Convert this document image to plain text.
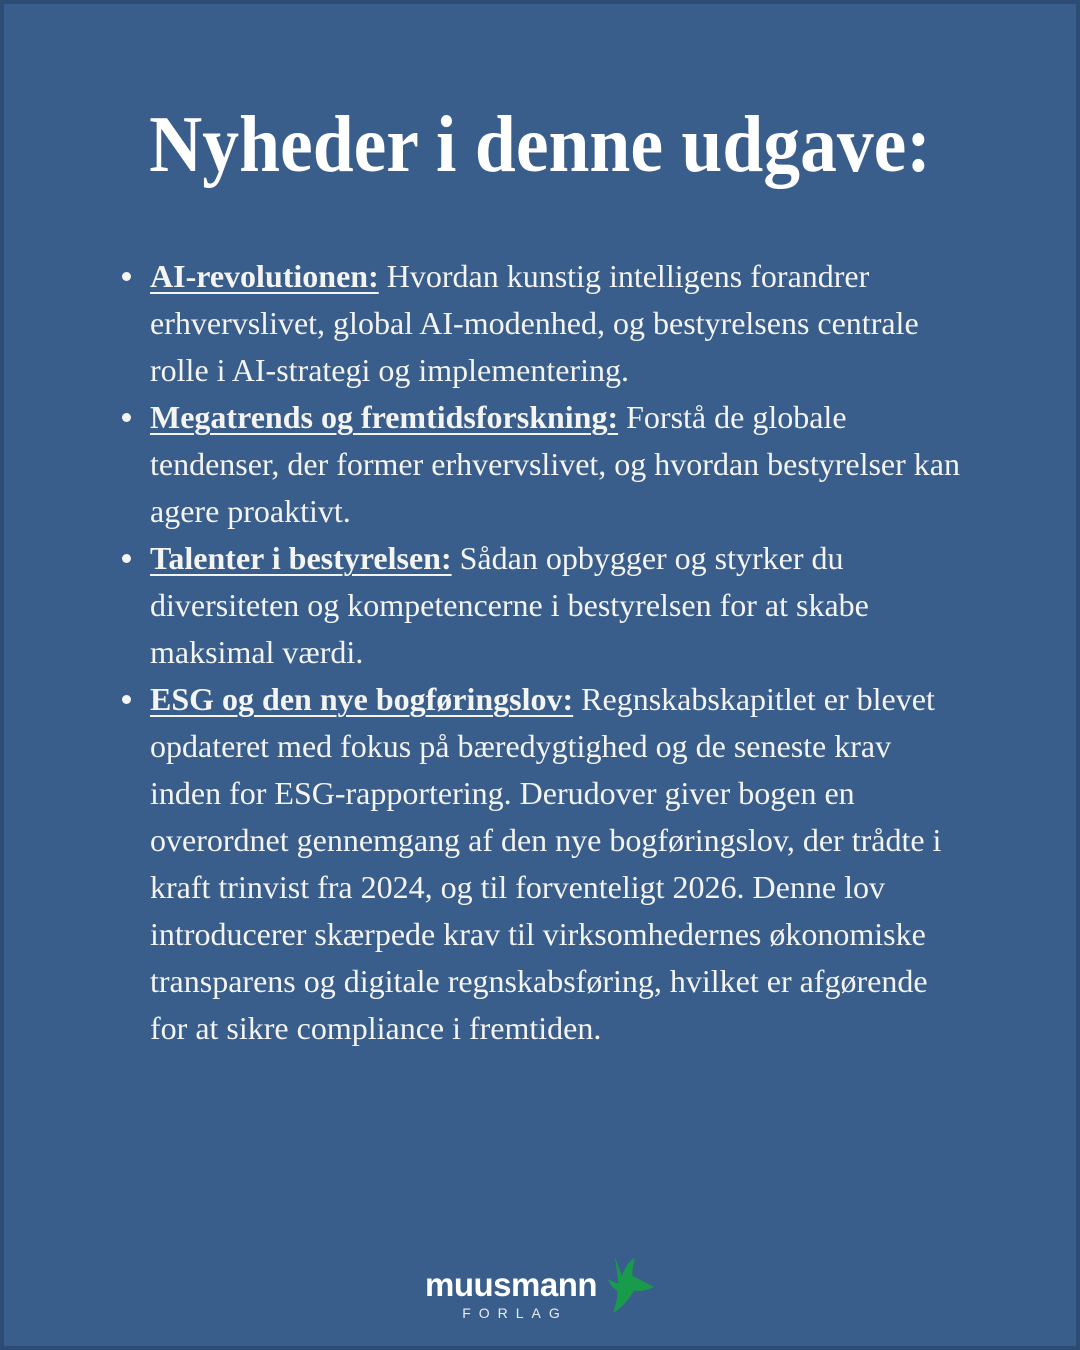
Nyheder i denne udgave:
AI-revolutionen: Hvordan kunstig intelligens forandrer erhvervslivet, global AI-modenhed, og bestyrelsens centrale rolle i AI-strategi og implementering.
Megatrends og fremtidsforskning: Forstå de globale tendenser, der former erhvervslivet, og hvordan bestyrelser kan agere proaktivt.
Talenter i bestyrelsen: Sådan opbygger og styrker du diversiteten og kompetencerne i bestyrelsen for at skabe maksimal værdi.
ESG og den nye bogføringslov: Regnskabskapitlet er blevet opdateret med fokus på bæredygtighed og de seneste krav inden for ESG-rapportering. Derudover giver bogen en overordnet gennemgang af den nye bogføringslov, der trådte i kraft trinvist fra 2024, og til forventeligt 2026. Denne lov introducerer skærpede krav til virksomhedernes økonomiske transparens og digitale regnskabsføring, hvilket er afgørende for at sikre compliance i fremtiden.
muusmann
FORLAG
